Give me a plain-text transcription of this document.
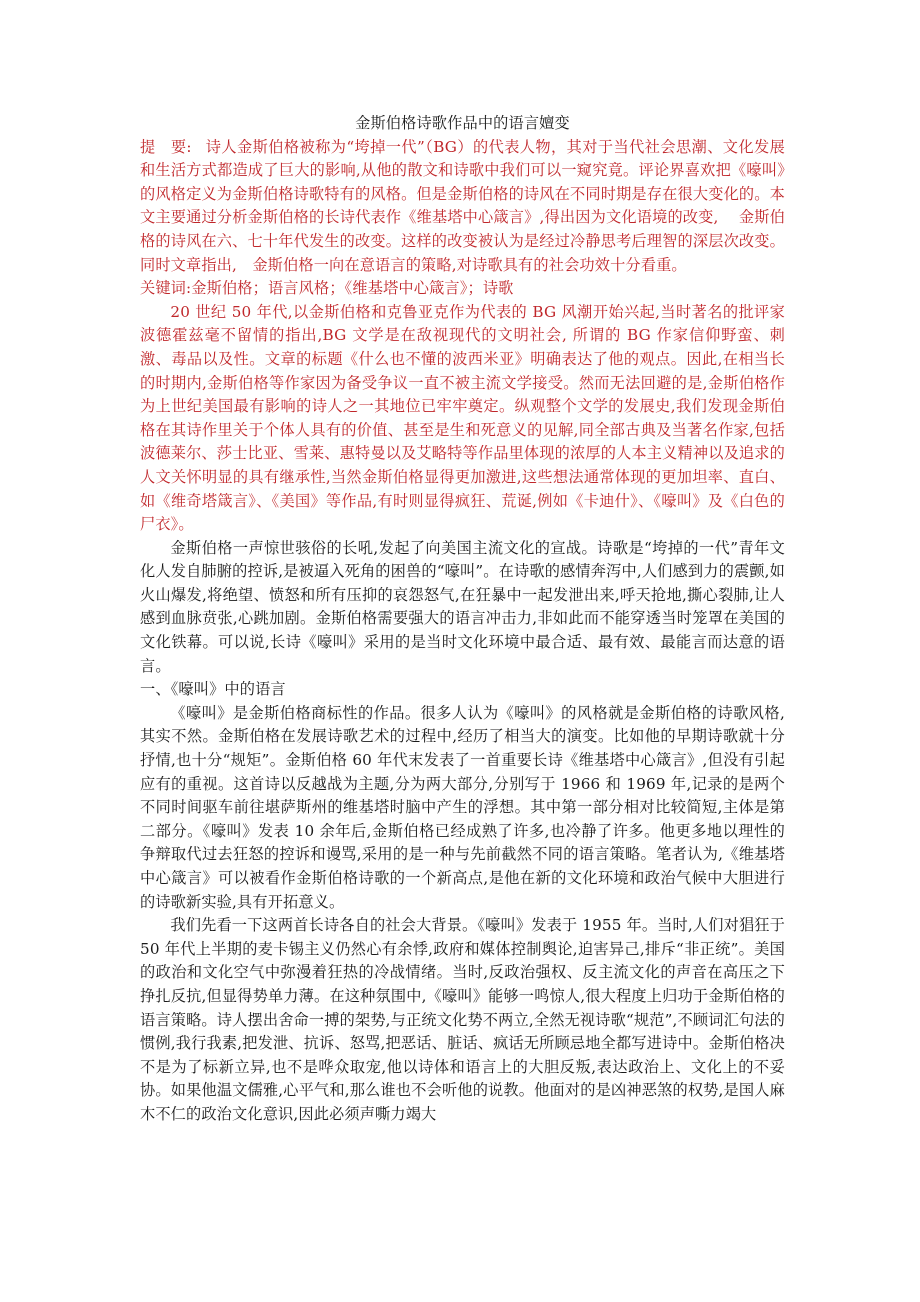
金斯伯格诗歌作品中的语言嬗变

提　要: 诗人金斯伯格被称为“垮掉一代”（BG）的代表人物，其对于当代社会思潮、文化发展和生活方式都造成了巨大的影响,从他的散文和诗歌中我们可以一窥究竟。评论界喜欢把《嚎叫》的风格定义为金斯伯格诗歌特有的风格。但是金斯伯格的诗风在不同时期是存在很大变化的。本文主要通过分析金斯伯格的长诗代表作《维基塔中心箴言》,得出因为文化语境的改变,　 金斯伯格的诗风在六、七十年代发生的改变。这样的改变被认为是经过冷静思考后理智的深层次改变。同时文章指出,　金斯伯格一向在意语言的策略,对诗歌具有的社会功效十分看重。

关键词:金斯伯格；语言风格；《维基塔中心箴言》；诗歌

20 世纪 50 年代,以金斯伯格和克鲁亚克作为代表的 BG 风潮开始兴起,当时著名的批评家波德霍兹毫不留情的指出,BG 文学是在敌视现代的文明社会, 所谓的 BG 作家信仰野蛮、刺激、毒品以及性。文章的标题《什么也不懂的波西米亚》明确表达了他的观点。因此,在相当长的时期内,金斯伯格等作家因为备受争议一直不被主流文学接受。然而无法回避的是,金斯伯格作为上世纪美国最有影响的诗人之一其地位已牢牢奠定。纵观整个文学的发展史,我们发现金斯伯格在其诗作里关于个体人具有的价值、甚至是生和死意义的见解,同全部古典及当著名作家,包括波德莱尔、莎士比亚、雪莱、惠特曼以及艾略特等作品里体现的浓厚的人本主义精神以及追求的人文关怀明显的具有继承性,当然金斯伯格显得更加激进,这些想法通常体现的更加坦率、直白、如《维奇塔箴言》、《美国》等作品,有时则显得疯狂、荒诞,例如《卡迪什》、《嚎叫》及《白色的尸衣》。

金斯伯格一声惊世骇俗的长吼,发起了向美国主流文化的宣战。诗歌是“垮掉的一代”青年文化人发自肺腑的控诉,是被逼入死角的困兽的“嚎叫”。在诗歌的感情奔泻中,人们感到力的震颤,如火山爆发,将绝望、愤怒和所有压抑的哀怨怒气,在狂暴中一起发泄出来,呼天抢地,撕心裂肺,让人感到血脉贲张,心跳加剧。金斯伯格需要强大的语言冲击力,非如此而不能穿透当时笼罩在美国的文化铁幕。可以说,长诗《嚎叫》采用的是当时文化环境中最合适、最有效、最能言而达意的语言。

一、《嚎叫》中的语言

《嚎叫》是金斯伯格商标性的作品。很多人认为《嚎叫》的风格就是金斯伯格的诗歌风格,其实不然。金斯伯格在发展诗歌艺术的过程中,经历了相当大的演变。比如他的早期诗歌就十分抒情,也十分“规矩”。金斯伯格 60 年代末发表了一首重要长诗《维基塔中心箴言》,但没有引起应有的重视。这首诗以反越战为主题,分为两大部分,分别写于 1966 和 1969 年,记录的是两个不同时间驱车前往堪萨斯州的维基塔时脑中产生的浮想。其中第一部分相对比较简短,主体是第二部分。《嚎叫》发表 10 余年后,金斯伯格已经成熟了许多,也冷静了许多。他更多地以理性的争辩取代过去狂怒的控诉和谩骂,采用的是一种与先前截然不同的语言策略。笔者认为,《维基塔中心箴言》可以被看作金斯伯格诗歌的一个新高点,是他在新的文化环境和政治气候中大胆进行的诗歌新实验,具有开拓意义。

我们先看一下这两首长诗各自的社会大背景。《嚎叫》发表于 1955 年。当时,人们对猖狂于 50 年代上半期的麦卡锡主义仍然心有余悸,政府和媒体控制舆论,迫害异己,排斥“非正统”。美国的政治和文化空气中弥漫着狂热的冷战情绪。当时,反政治强权、反主流文化的声音在高压之下挣扎反抗,但显得势单力薄。在这种氛围中,《嚎叫》能够一鸣惊人,很大程度上归功于金斯伯格的语言策略。诗人摆出舍命一搏的架势,与正统文化势不两立,全然无视诗歌“规范”,不顾词汇句法的惯例,我行我素,把发泄、抗诉、怒骂,把恶话、脏话、疯话无所顾忌地全都写进诗中。金斯伯格决不是为了标新立异,也不是哗众取宠,他以诗体和语言上的大胆反叛,表达政治上、文化上的不妥协。如果他温文儒雅,心平气和,那么谁也不会听他的说教。他面对的是凶神恶煞的权势,是国人麻木不仁的政治文化意识,因此必须声嘶力竭大
